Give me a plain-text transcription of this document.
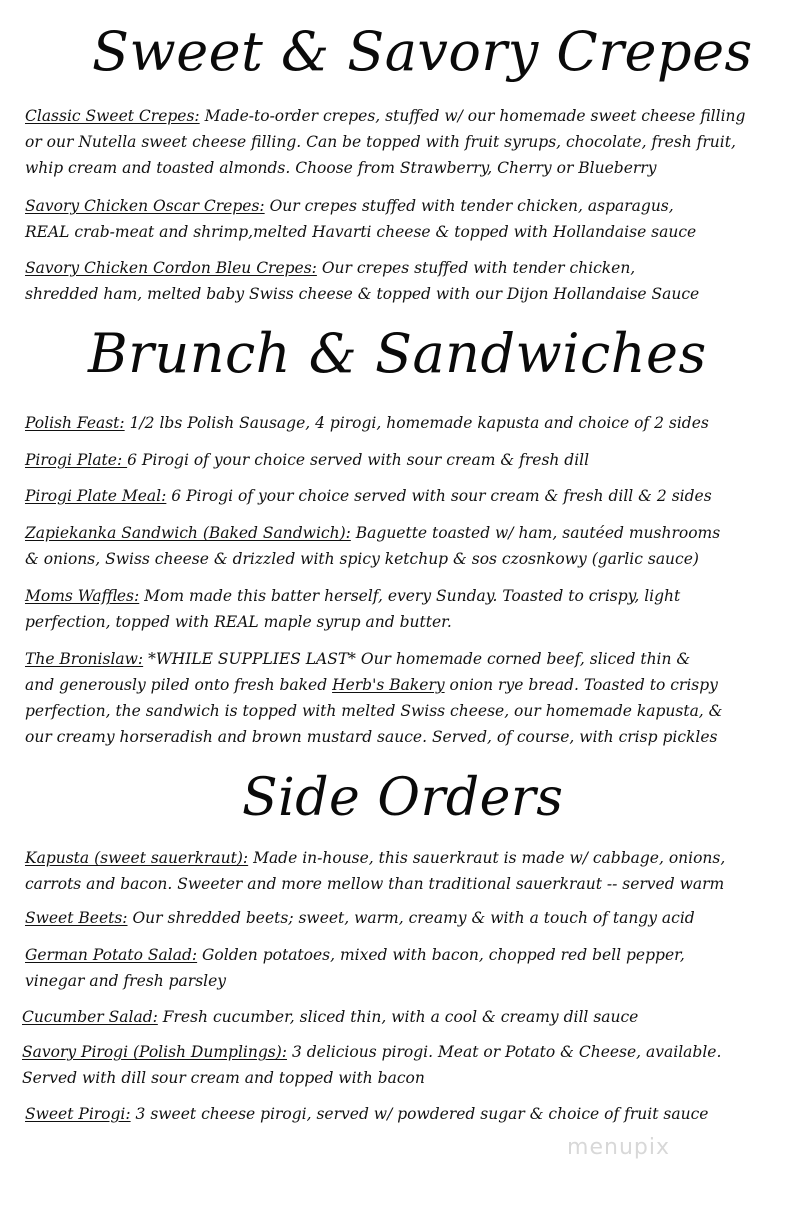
Sweet & Savory Crepes
Classic Sweet Crepes: Made-to-order crepes, stuffed w/ our homemade sweet cheese filling
or our Nutella sweet cheese filling. Can be topped with fruit syrups, chocolate, fresh fruit,
whip cream and toasted almonds. Choose from Strawberry, Cherry or Blueberry
Savory Chicken Oscar Crepes: Our crepes stuffed with tender chicken, asparagus,
REAL crab-meat and shrimp,melted Havarti cheese & topped with Hollandaise sauce
Savory Chicken Cordon Bleu Crepes: Our crepes stuffed with tender chicken,
shredded ham, melted baby Swiss cheese & topped with our Dijon Hollandaise Sauce
Brunch & Sandwiches
Polish Feast: 1/2 lbs Polish Sausage, 4 pirogi, homemade kapusta and choice of 2 sides
Pirogi Plate: 6 Pirogi of your choice served with sour cream & fresh dill
Pirogi Plate Meal: 6 Pirogi of your choice served with sour cream & fresh dill & 2 sides
Zapiekanka Sandwich (Baked Sandwich): Baguette toasted w/ ham, sautéed mushrooms
& onions, Swiss cheese & drizzled with spicy ketchup & sos czosnkowy (garlic sauce)
Moms Waffles: Mom made this batter herself, every Sunday. Toasted to crispy, light
perfection, topped with REAL maple syrup and butter.
The Bronislaw: *WHILE SUPPLIES LAST* Our homemade corned beef, sliced thin &
and generously piled onto fresh baked Herb's Bakery onion rye bread. Toasted to crispy
perfection, the sandwich is topped with melted Swiss cheese, our homemade kapusta, &
our creamy horseradish and brown mustard sauce. Served, of course, with crisp pickles
Side Orders
Kapusta (sweet sauerkraut): Made in-house, this sauerkraut is made w/ cabbage, onions,
carrots and bacon. Sweeter and more mellow than traditional sauerkraut -- served warm
Sweet Beets: Our shredded beets; sweet, warm, creamy & with a touch of tangy acid
German Potato Salad: Golden potatoes, mixed with bacon, chopped red bell pepper,
vinegar and fresh parsley
Cucumber Salad: Fresh cucumber, sliced thin, with a cool & creamy dill sauce
Savory Pirogi (Polish Dumplings): 3 delicious pirogi. Meat or Potato & Cheese, available.
Served with dill sour cream and topped with bacon
Sweet Pirogi: 3 sweet cheese pirogi, served w/ powdered sugar & choice of fruit sauce
menupix
